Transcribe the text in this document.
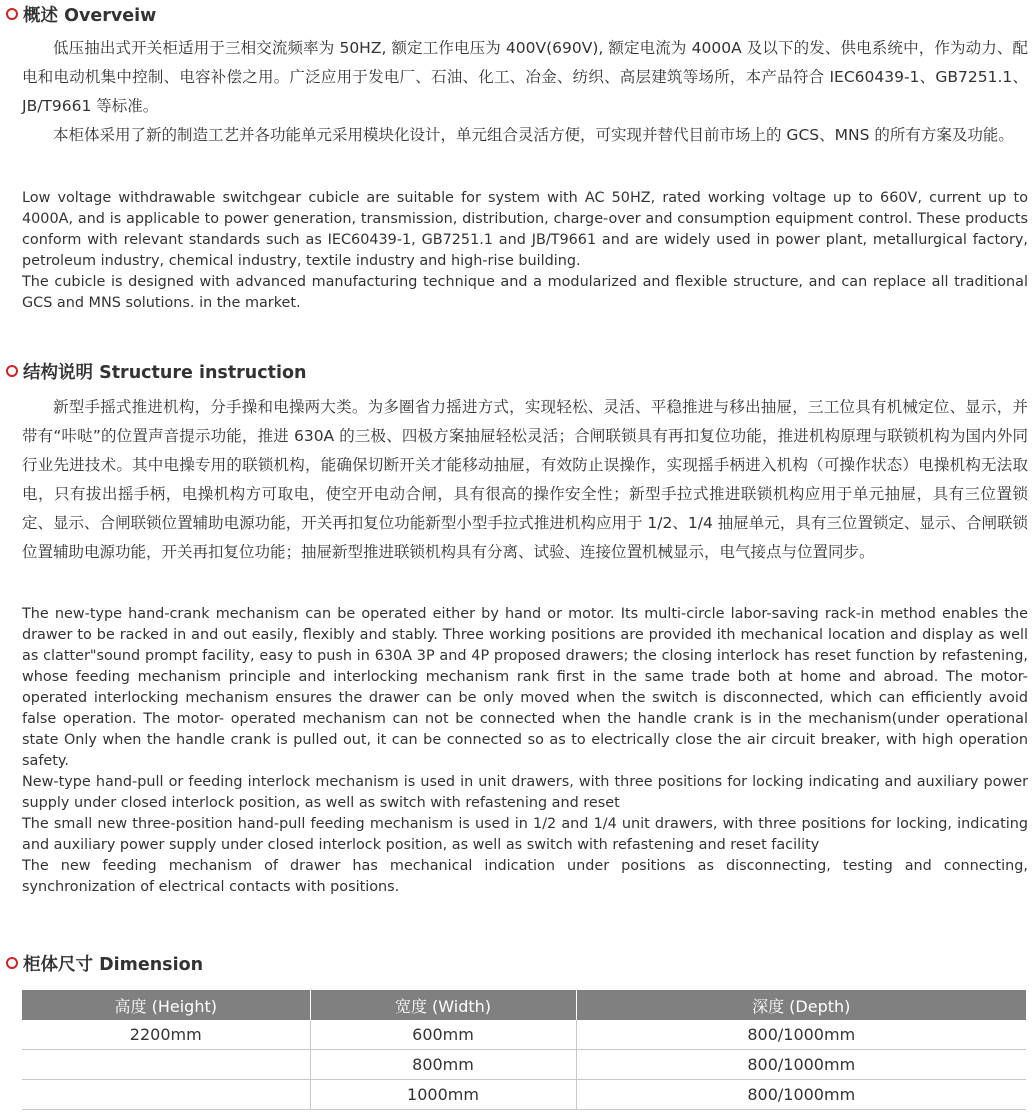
概述 Overveiw

低压抽出式开关柜适用于三相交流频率为 50HZ, 额定工作电压为 400V(690V), 额定电流为 4000A 及以下的发、供电系统中，作为动力、配电和电动机集中控制、电容补偿之用。广泛应用于发电厂、石油、化工、冶金、纺织、高层建筑等场所，本产品符合 IEC60439-1、GB7251.1、JB/T9661 等标准。

本柜体采用了新的制造工艺并各功能单元采用模块化设计，单元组合灵活方便，可实现并替代目前市场上的 GCS、MNS 的所有方案及功能。

Low voltage withdrawable switchgear cubicle are suitable for system with AC 50HZ, rated working voltage up to 660V, current up to 4000A, and is applicable to power generation, transmission, distribution, charge-over and consumption equipment control. These products conform with relevant standards such as IEC60439-1, GB7251.1 and JB/T9661 and are widely used in power plant, metallurgical factory, petroleum industry, chemical industry, textile industry and high-rise building.

The cubicle is designed with advanced manufacturing technique and a modularized and flexible structure, and can replace all traditional GCS and MNS solutions. in the market.

结构说明 Structure instruction

新型手摇式推进机构，分手操和电操两大类。为多圈省力摇进方式，实现轻松、灵活、平稳推进与移出抽屉，三工位具有机械定位、显示，并带有“咔哒”的位置声音提示功能，推进 630A 的三极、四极方案抽屉轻松灵活；合闸联锁具有再扣复位功能，推进机构原理与联锁机构为国内外同行业先进技术。其中电操专用的联锁机构，能确保切断开关才能移动抽屉，有效防止误操作，实现摇手柄进入机构（可操作状态）电操机构无法取电，只有拔出摇手柄，电操机构方可取电，使空开电动合闸，具有很高的操作安全性；新型手拉式推进联锁机构应用于单元抽屉，具有三位置锁定、显示、合闸联锁位置辅助电源功能，开关再扣复位功能新型小型手拉式推进机构应用于 1/2、1/4 抽屉单元，具有三位置锁定、显示、合闸联锁位置辅助电源功能，开关再扣复位功能；抽屉新型推进联锁机构具有分离、试验、连接位置机械显示，电气接点与位置同步。

The new-type hand-crank mechanism can be operated either by hand or motor. Its multi-circle labor-saving rack-in method enables the drawer to be racked in and out easily, flexibly and stably. Three working positions are provided ith mechanical location and display as well as clatter"sound prompt facility, easy to push in 630A 3P and 4P proposed drawers; the closing interlock has reset function by refastening, whose feeding mechanism principle and interlocking mechanism rank first in the same trade both at home and abroad. The motor-operated interlocking mechanism ensures the drawer can be only moved when the switch is disconnected, which can efficiently avoid false operation. The motor- operated mechanism can not be connected when the handle crank is in the mechanism(under operational state Only when the handle crank is pulled out, it can be connected so as to electrically close the air circuit breaker, with high operation safety.

New-type hand-pull or feeding interlock mechanism is used in unit drawers, with three positions for locking indicating and auxiliary power supply under closed interlock position, as well as switch with refastening and reset

The small new three-position hand-pull feeding mechanism is used in 1/2 and 1/4 unit drawers, with three positions for locking, indicating and auxiliary power supply under closed interlock position, as well as switch with refastening and reset facility

The new feeding mechanism of drawer has mechanical indication under positions as disconnecting, testing and connecting, synchronization of electrical contacts with positions.

柜体尺寸 Dimension
高度 (Height)	宽度 (Width)	深度 (Depth)
2200mm	600mm	800/1000mm
	800mm	800/1000mm
	1000mm	800/1000mm
